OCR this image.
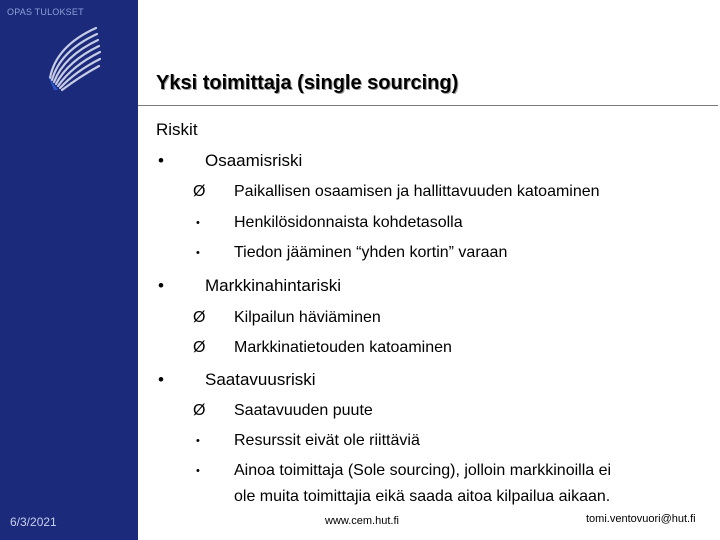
OPAS TULOKSET
6/3/2021
Yksi toimittaja (single sourcing)
Riskit
• Osaamisriski
Ø Paikallisen osaamisen ja hallittavuuden katoaminen
• Henkilösidonnaista kohdetasolla
• Tiedon jääminen “yhden kortin” varaan
• Markkinahintariski
Ø Kilpailun häviäminen
Ø Markkinatietouden katoaminen
• Saatavuusriski
Ø Saatavuuden puute
• Resurssit eivät ole riittäviä
• Ainoa toimittaja (Sole sourcing), jolloin markkinoilla ei
ole muita toimittajia eikä saada aitoa kilpailua aikaan.
www.cem.hut.fi	tomi.ventovuori@hut.fi
